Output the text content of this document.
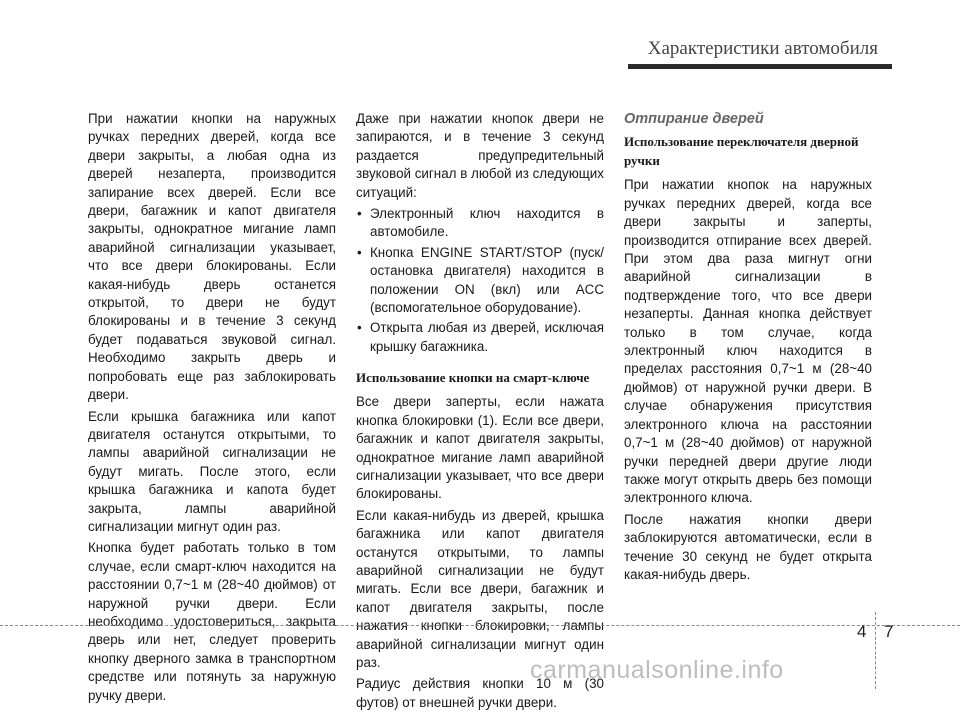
Характеристики автомобиля

При нажатии кнопки на наружных ручках передних дверей, когда все двери закрыты, а любая одна из дверей незаперта, производится запирание всех дверей. Если все двери, багажник и капот двигателя закрыты, однократное мигание ламп аварийной сигнализации указывает, что все двери блокированы. Если какая-нибудь дверь останется открытой, то двери не будут блокированы и в течение 3 секунд будет подаваться звуковой сигнал. Необходимо закрыть дверь и попробовать еще раз заблокировать двери.

Если крышка багажника или капот двигателя останутся открытыми, то лампы аварийной сигнализации не будут мигать. После этого, если крышка багажника и капота будет закрыта, лампы аварийной сигнализации мигнут один раз.

Кнопка будет работать только в том случае, если смарт-ключ находится на расстоянии 0,7~1 м (28~40 дюймов) от наружной ручки двери. Если необходимо удостовериться, закрыта дверь или нет, следует проверить кнопку дверного замка в транспортном средстве или потянуть за наружную ручку двери.

Даже при нажатии кнопок двери не запираются, и в течение 3 секунд раздается предупредительный звуковой сигнал в любой из следующих ситуаций:

• Электронный ключ находится в автомобиле.
• Кнопка ENGINE START/STOP (пуск/остановка двигателя) находится в положении ON (вкл) или ACC (вспомогательное оборудование).
• Открыта любая из дверей, исключая крышку багажника.
Использование кнопки на смарт-ключе

Все двери заперты, если нажата кнопка блокировки (1). Если все двери, багажник и капот двигателя закрыты, однократное мигание ламп аварийной сигнализации указывает, что все двери блокированы.

Если какая-нибудь из дверей, крышка багажника или капот двигателя останутся открытыми, то лампы аварийной сигнализации не будут мигать. Если все двери, багажник и капот двигателя закрыты, после нажатия кнопки блокировки, лампы аварийной сигнализации мигнут один раз.

Радиус действия кнопки 10 м (30 футов) от внешней ручки двери.

Отпирание дверей
Использование переключателя дверной ручки

При нажатии кнопок на наружных ручках передних дверей, когда все двери закрыты и заперты, производится отпирание всех дверей. При этом два раза мигнут огни аварийной сигнализации в подтверждение того, что все двери незаперты. Данная кнопка действует только в том случае, когда электронный ключ находится в пределах расстояния 0,7~1 м (28~40 дюймов) от наружной ручки двери. В случае обнаружения присутствия электронного ключа на расстоянии 0,7~1 м (28~40 дюймов) от наружной ручки передней двери другие люди также могут открыть дверь без помощи электронного ключа.

После нажатия кнопки двери заблокируются автоматически, если в течение 30 секунд не будет открыта какая-нибудь дверь.

4 7
carmanualsonline.info
